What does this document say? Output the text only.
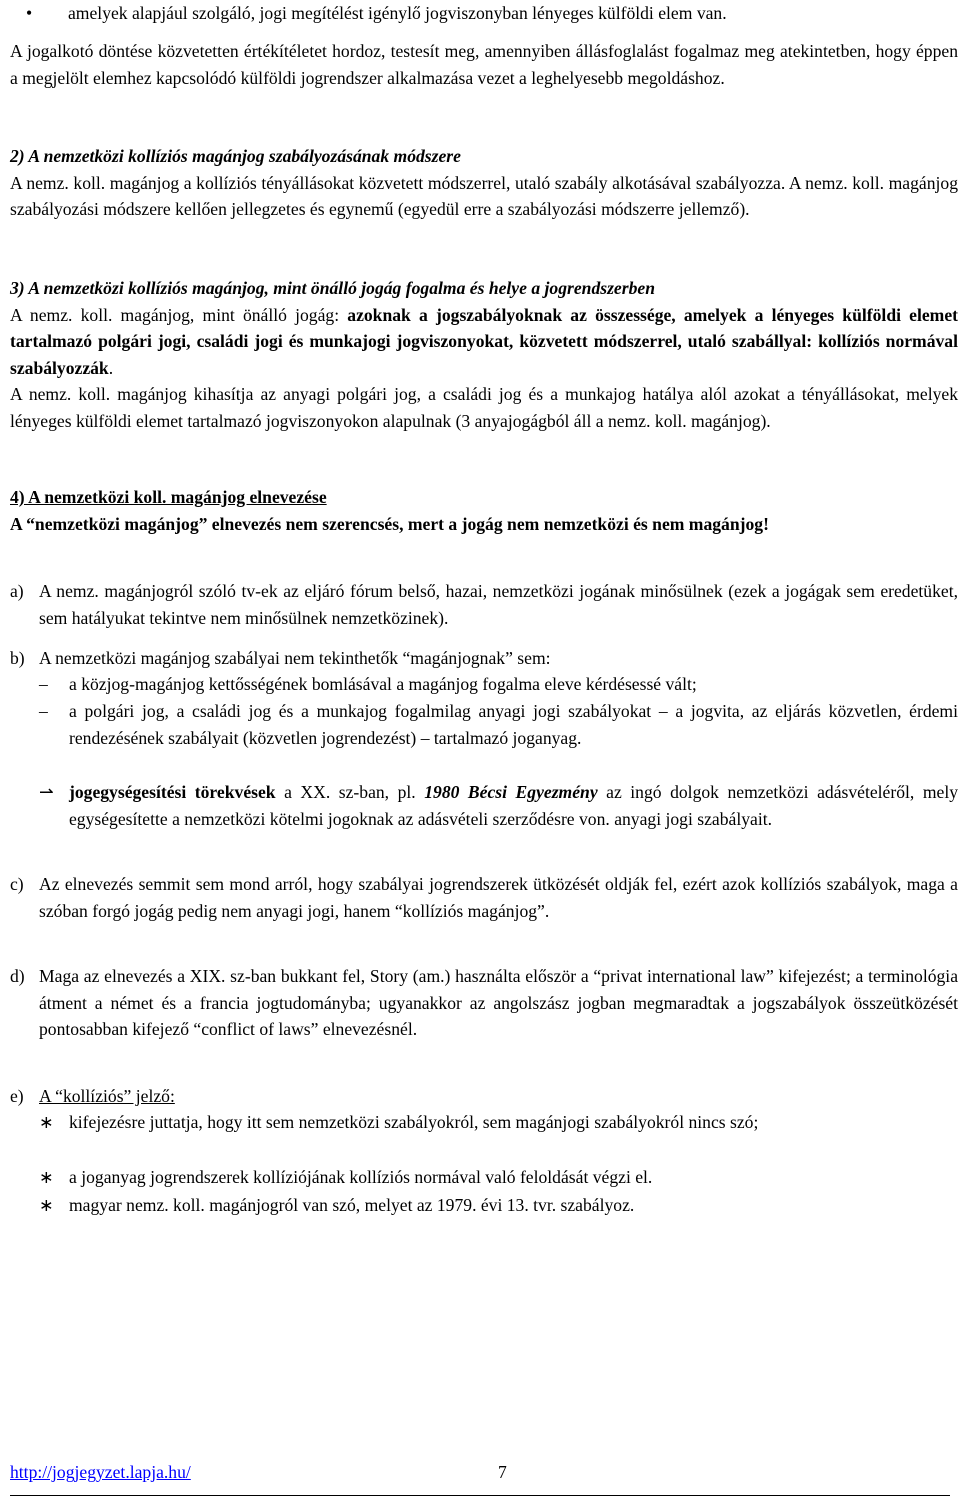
• amelyek alapjául szolgáló, jogi megítélést igénylő jogviszonyban lényeges külföldi elem van.

A jogalkotó döntése közvetetten értékítéletet hordoz, testesít meg, amennyiben állásfoglalást fogalmaz meg atekintetben, hogy éppen a megjelölt elemhez kapcsolódó külföldi jogrendszer alkalmazása vezet a leghelyesebb megoldáshoz.

2) A nemzetközi kollíziós magánjog szabályozásának módszere

A nemz. koll. magánjog a kollíziós tényállásokat közvetett módszerrel, utaló szabály alkotásával szabályozza. A nemz. koll. magánjog szabályozási módszere kellően jellegzetes és egynemű (egyedül erre a szabályozási módszerre jellemző).

3) A nemzetközi kollíziós magánjog, mint önálló jogág fogalma és helye a jogrendszerben

A nemz. koll. magánjog, mint önálló jogág: azoknak a jogszabályoknak az összessége, amelyek a lényeges külföldi elemet tartalmazó polgári jogi, családi jogi és munkajogi jogviszonyokat, közvetett módszerrel, utaló szabállyal: kollíziós normával szabályozzák.

A nemz. koll. magánjog kihasítja az anyagi polgári jog, a családi jog és a munkajog hatálya alól azokat a tényállásokat, melyek lényeges külföldi elemet tartalmazó jogviszonyokon alapulnak (3 anyajogágból áll a nemz. koll. magánjog).

4) A nemzetközi koll. magánjog elnevezése

A “nemzetközi magánjog” elnevezés nem szerencsés, mert a jogág nem nemzetközi és nem magánjog!

a) A nemz. magánjogról szóló tv-ek az eljáró fórum belső, hazai, nemzetközi jogának minősülnek (ezek a jogágak sem eredetüket, sem hatályukat tekintve nem minősülnek nemzetközinek).
b) A nemzetközi magánjog szabályai nem tekinthetők “magánjognak” sem:
–	a közjog-magánjog kettősségének bomlásával a magánjog fogalma eleve kérdésessé vált;
–	a polgári jog, a családi jog és a munkajog fogalmilag anyagi jogi szabályokat – a jogvita, az eljárás közvetlen, érdemi rendezésének szabályait (közvetlen jogrendezést) – tartalmazó joganyag.
⇀ jogegységesítési törekvések a XX. sz-ban, pl. 1980 Bécsi Egyezmény az ingó dolgok nemzetközi adásvételéről, mely egységesítette a nemzetközi kötelmi jogoknak az adásvételi szerződésre von. anyagi jogi szabályait.
c) Az elnevezés semmit sem mond arról, hogy szabályai jogrendszerek ütközését oldják fel, ezért azok kollíziós szabályok, maga a szóban forgó jogág pedig nem anyagi jogi, hanem “kollíziós magánjog”.
d) Maga az elnevezés a XIX. sz-ban bukkant fel, Story (am.) használta először a “privat international law” kifejezést; a terminológia átment a német és a francia jogtudományba; ugyanakkor az angolszász jogban megmaradtak a jogszabályok összeütközését pontosabban kifejező “conflict of laws” elnevezésnél.
e) A “kollíziós” jelző:
∗ kifejezésre juttatja, hogy itt sem nemzetközi szabályokról, sem magánjogi szabályokról nincs szó;
∗ a joganyag jogrendszerek kollíziójának kollíziós normával való feloldását végzi el.
∗ magyar nemz. koll. magánjogról van szó, melyet az 1979. évi 13. tvr. szabályoz.
http://jogjegyzet.lapja.hu/	7
